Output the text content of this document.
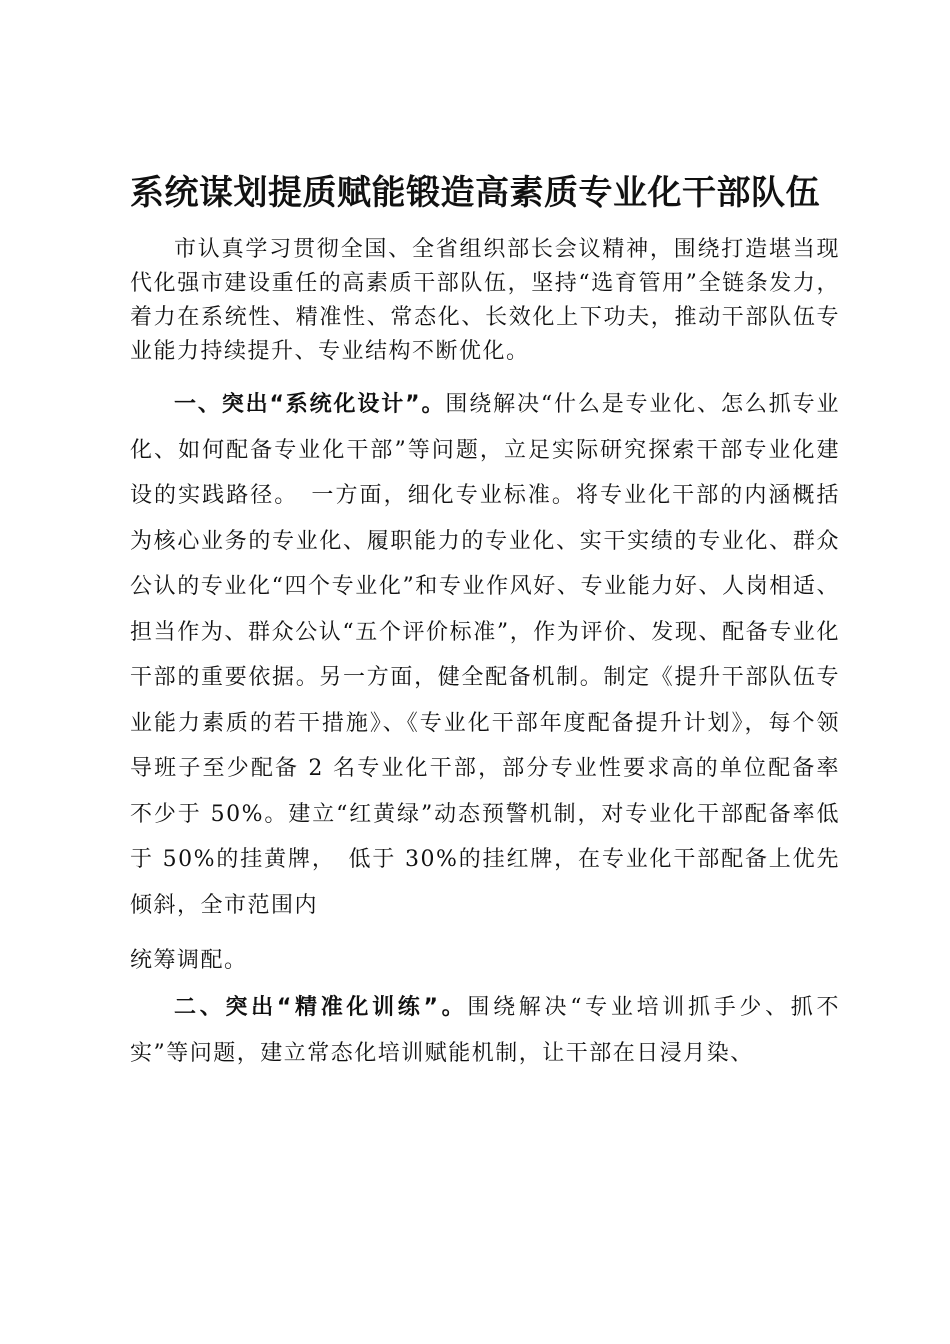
系统谋划提质赋能锻造高素质专业化干部队伍

市认真学习贯彻全国、全省组织部长会议精神，围绕打造堪当现代化强市建设重任的高素质干部队伍，坚持“选育管用”全链条发力，着力在系统性、精准性、常态化、长效化上下功夫，推动干部队伍专业能力持续提升、专业结构不断优化。

一、突出“系统化设计”。围绕解决“什么是专业化、怎么抓专业化、如何配备专业化干部”等问题，立足实际研究探索干部专业化建设的实践路径。　一方面，细化专业标准。将专业化干部的内涵概括为核心业务的专业化、履职能力的专业化、实干实绩的专业化、群众公认的专业化“四个专业化”和专业作风好、专业能力好、人岗相适、担当作为、群众公认“五个评价标准”，作为评价、发现、配备专业化干部的重要依据。另一方面，健全配备机制。制定《提升干部队伍专业能力素质的若干措施》、《专业化干部年度配备提升计划》，每个领导班子至少配备 2 名专业化干部，部分专业性要求高的单位配备率不少于 50%。建立“红黄绿”动态预警机制，对专业化干部配备率低于 50%的挂黄牌，　低于 30%的挂红牌，在专业化干部配备上优先倾斜，全市范围内

统筹调配。

二、突出“精准化训练”。围绕解决“专业培训抓手少、抓不实”等问题，建立常态化培训赋能机制，让干部在日浸月染、
